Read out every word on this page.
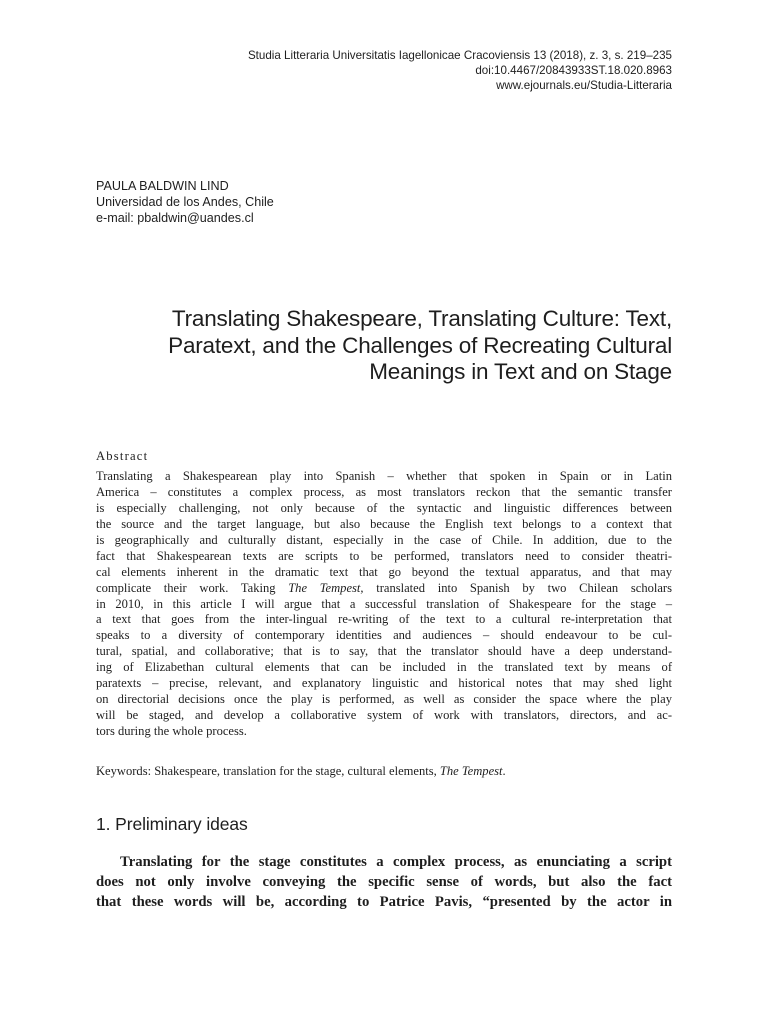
Studia Litteraria Universitatis Iagellonicae Cracoviensis 13 (2018), z. 3, s. 219–235
doi:10.4467/20843933ST.18.020.8963
www.ejournals.eu/Studia-Litteraria
PAULA BALDWIN LIND
Universidad de los Andes, Chile
e-mail: pbaldwin@uandes.cl
Translating Shakespeare, Translating Culture: Text,
Paratext, and the Challenges of Recreating Cultural
Meanings in Text and on Stage
Abstract
Translating a Shakespearean play into Spanish – whether that spoken in Spain or in Latin
America – constitutes a complex process, as most translators reckon that the semantic transfer
is especially challenging, not only because of the syntactic and linguistic differences between
the source and the target language, but also because the English text belongs to a context that
is geographically and culturally distant, especially in the case of Chile. In addition, due to the
fact that Shakespearean texts are scripts to be performed, translators need to consider theatri-
cal elements inherent in the dramatic text that go beyond the textual apparatus, and that may
complicate their work. Taking The Tempest, translated into Spanish by two Chilean scholars
in 2010, in this article I will argue that a successful translation of Shakespeare for the stage –
a text that goes from the inter-lingual re-writing of the text to a cultural re-interpretation that
speaks to a diversity of contemporary identities and audiences – should endeavour to be cul-
tural, spatial, and collaborative; that is to say, that the translator should have a deep understand-
ing of Elizabethan cultural elements that can be included in the translated text by means of
paratexts – precise, relevant, and explanatory linguistic and historical notes that may shed light
on directorial decisions once the play is performed, as well as consider the space where the play
will be staged, and develop a collaborative system of work with translators, directors, and ac-
tors during the whole process.
Keywords: Shakespeare, translation for the stage, cultural elements, The Tempest.
1. Preliminary ideas
Translating for the stage constitutes a complex process, as enunciating a script
does not only involve conveying the specific sense of words, but also the fact
that these words will be, according to Patrice Pavis, “presented by the actor in
